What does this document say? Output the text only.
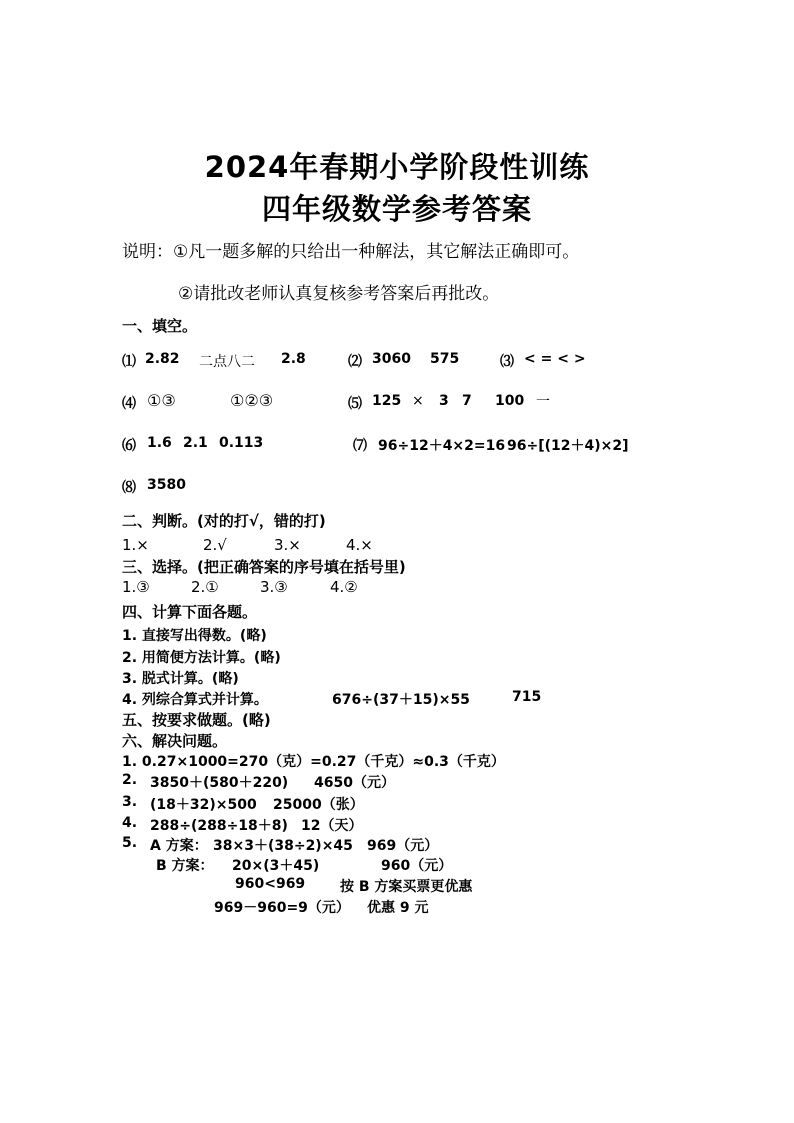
2024年春期小学阶段性训练
四年级数学参考答案
说明：①凡一题多解的只给出一种解法，其它解法正确即可。
②请批改老师认真复核参考答案后再批改。
一、填空。
⑴ 2.82 二点八二 2.8	⑵ 3060 575	⑶ < = < >
⑷ ①③	①②③	⑸ 125 × 3 7 100 一
⑹ 1.6 2.1 0.113	⑺ 96÷12＋4×2=16 96÷[(12＋4)×2]
⑻ 3580
二、判断。(对的打√，错的打)
1.×	2.√	3.×	4.×
三、选择。(把正确答案的序号填在括号里)
1.③	2.①	3.③	4.②
四、计算下面各题。
1. 直接写出得数。(略)
2. 用简便方法计算。(略)
3. 脱式计算。(略)
4. 列综合算式并计算。	676÷(37＋15)×55	715
五、按要求做题。(略)
六、解决问题。
1. 0.27×1000=270（克）=0.27（千克）≈0.3（千克）
2. 3850＋(580＋220) 4650（元）
3. (18＋32)×500 25000（张）
4. 288÷(288÷18＋8) 12（天）
5. A 方案： 38×3＋(38÷2)×45 969（元）
B 方案： 20×(3＋45)	960（元）
960<969 按 B 方案买票更优惠
969－960=9（元） 优惠 9 元
